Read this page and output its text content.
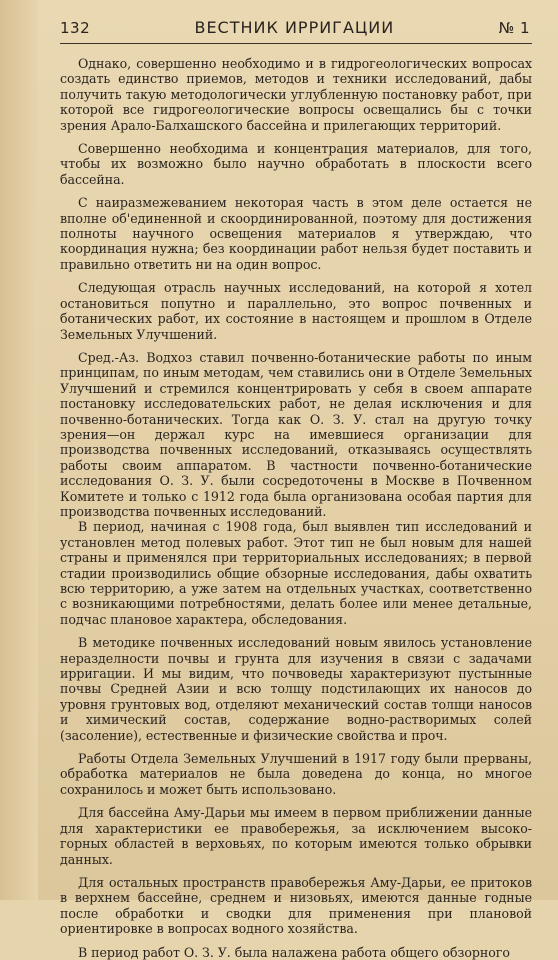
132	ВЕСТНИК ИРРИГАЦИИ	№ 1

Однако, совершенно необходимо и в гидрогеологических вопросах создать единство приемов, методов и техники исследований, дабы получить такую методологически углубленную постановку работ, при которой все гидрогеологические вопросы освещались бы с точки зрения Арало-Балхашского бассейна и прилегающих территорий.

Совершенно необходима и концентрация материалов, для того, чтобы их возможно было научно обработать в плоскости всего бассейна.

С наиразмежеванием некоторая часть в этом деле остается не вполне об'единенной и скоординированной, поэтому для достижения полноты научного освещения материалов я утверждаю, что координация нужна; без координации работ нельзя будет поставить и правильно ответить ни на один вопрос.

Следующая отрасль научных исследований, на которой я хотел остановиться попутно и параллельно, это вопрос почвенных и ботанических работ, их состояние в настоящем и прошлом в Отделе Земельных Улучшений.

Сред.-Аз. Водхоз ставил почвенно-ботанические работы по иным принципам, по иным методам, чем ставились они в Отделе Земельных Улучшений и стремился концентрировать у себя в своем аппарате постановку исследовательских работ, не делая исключения и для почвенно-ботанических. Тогда как О. З. У. стал на другую точку зрения—он держал курс на имевшиеся организации для производства почвенных исследований, отказываясь осуществлять работы своим аппаратом. В частности почвенно-ботанические исследования О. З. У. были сосредоточены в Москве в Почвенном Комитете и только с 1912 года была организована особая партия для производства почвенных исследований.

В период, начиная с 1908 года, был выявлен тип исследований и установлен метод полевых работ. Этот тип не был новым для нашей страны и применялся при территориальных исследованиях; в первой стадии производились общие обзорные исследования, дабы охватить всю территорию, а уже затем на отдельных участках, соответственно с возникающими потребностями, делать более или менее детальные, подчас плановое характера, обследования.

В методике почвенных исследований новым явилось установление неразделности почвы и грунта для изучения в связи с задачами ирригации. И мы видим, что почвоведы характеризуют пустынные почвы Средней Азии и всю толщу подстилающих их наносов до уровня грунтовых вод, отделяют механический состав толщи наносов и химический состав, содержание водно-растворимых солей (засоление), естественные и физические свойства и проч.

Работы Отдела Земельных Улучшений в 1917 году были прерваны, обработка материалов не была доведена до конца, но многое сохранилось и может быть использовано.

Для бассейна Аму-Дарьи мы имеем в первом приближении данные для характеристики ее правобережья, за исключением высоко-горных областей в верховьях, по которым имеются только обрывки данных.

Для остальных пространств правобережья Аму-Дарьи, ее притоков в верхнем бассейне, среднем и низовьях, имеются данные годные после обработки и сводки для применения при плановой ориентировке в вопросах водного хозяйства.

В период работ О. З. У. была налажена работа общего обзорного
